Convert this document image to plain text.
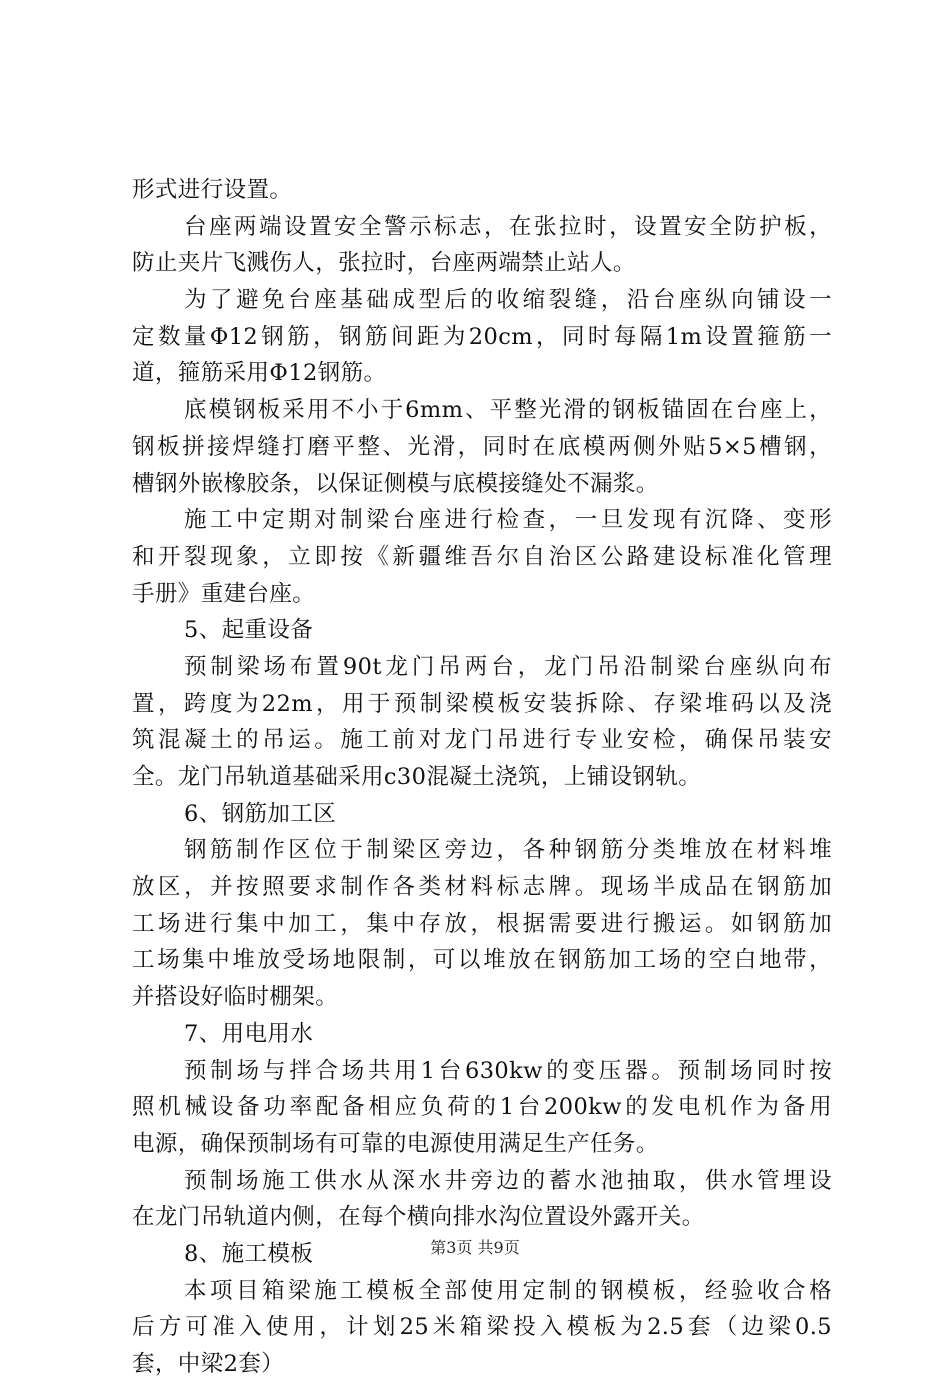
形式进行设置。
台座两端设置安全警示标志，在张拉时，设置安全防护板，
防止夹片飞溅伤人，张拉时，台座两端禁止站人。
为了避免台座基础成型后的收缩裂缝，沿台座纵向铺设一
定数量Φ12钢筋，钢筋间距为20cm，同时每隔1m设置箍筋一
道，箍筋采用Φ12钢筋。
底模钢板采用不小于6mm、平整光滑的钢板锚固在台座上，
钢板拼接焊缝打磨平整、光滑，同时在底模两侧外贴5×5槽钢，
槽钢外嵌橡胶条，以保证侧模与底模接缝处不漏浆。
施工中定期对制梁台座进行检查，一旦发现有沉降、变形
和开裂现象，立即按《新疆维吾尔自治区公路建设标准化管理
手册》重建台座。
5、起重设备
预制梁场布置90t龙门吊两台，龙门吊沿制梁台座纵向布
置，跨度为22m，用于预制梁模板安装拆除、存梁堆码以及浇
筑混凝土的吊运。施工前对龙门吊进行专业安检，确保吊装安
全。龙门吊轨道基础采用c30混凝土浇筑，上铺设钢轨。
6、钢筋加工区
钢筋制作区位于制梁区旁边，各种钢筋分类堆放在材料堆
放区，并按照要求制作各类材料标志牌。现场半成品在钢筋加
工场进行集中加工，集中存放，根据需要进行搬运。如钢筋加
工场集中堆放受场地限制，可以堆放在钢筋加工场的空白地带，
并搭设好临时棚架。
7、用电用水
预制场与拌合场共用1台630kw的变压器。预制场同时按
照机械设备功率配备相应负荷的1台200kw的发电机作为备用
电源，确保预制场有可靠的电源使用满足生产任务。
预制场施工供水从深水井旁边的蓄水池抽取，供水管埋设
在龙门吊轨道内侧，在每个横向排水沟位置设外露开关。
8、施工模板
本项目箱梁施工模板全部使用定制的钢模板，经验收合格
后方可准入使用，计划25米箱梁投入模板为2.5套（边梁0.5
套，中梁2套）
第3页 共9页
